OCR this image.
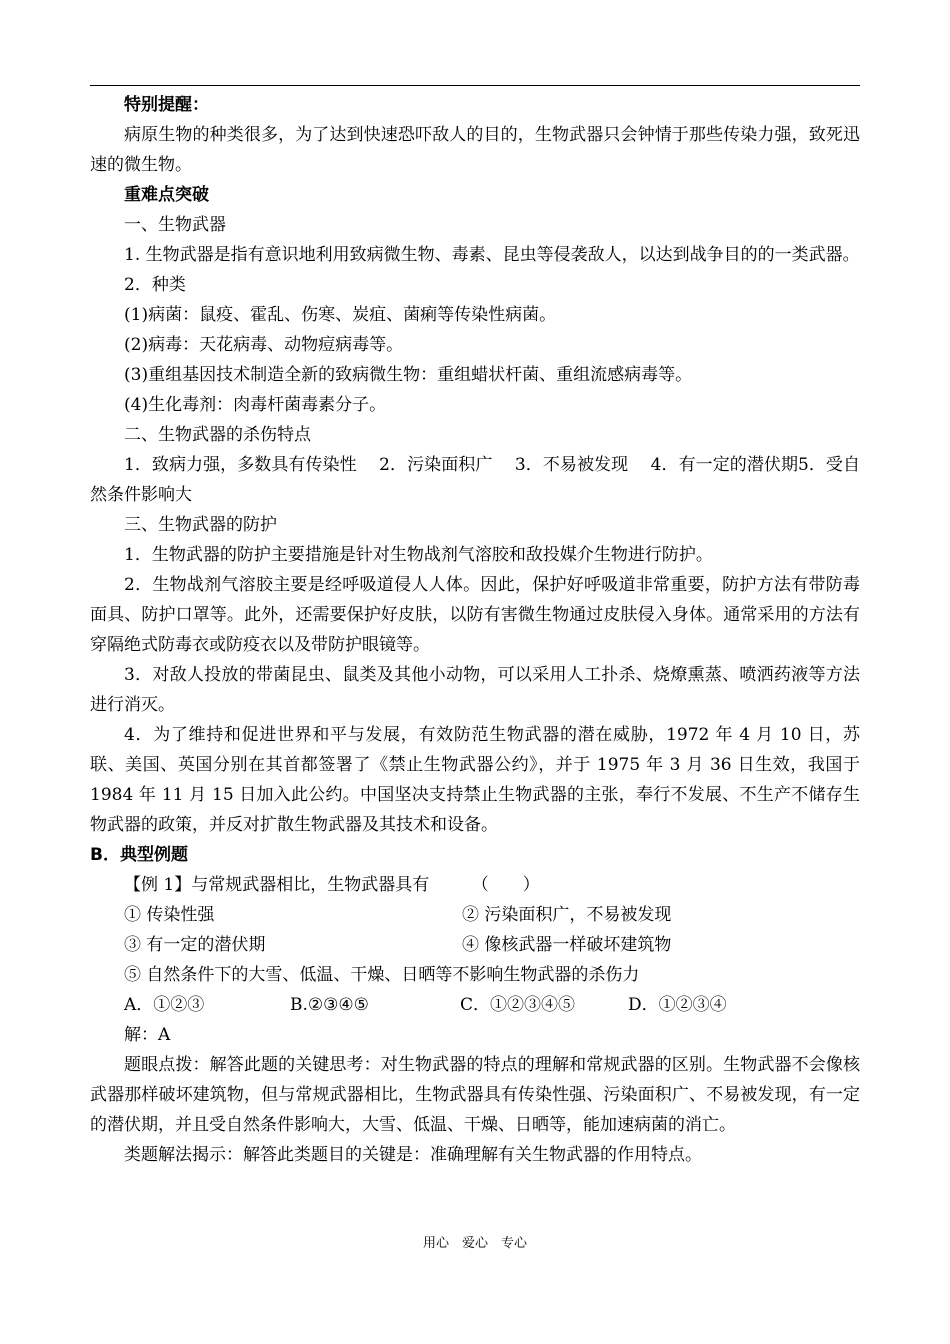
特别提醒：

病原生物的种类很多，为了达到快速恐吓敌人的目的，生物武器只会钟情于那些传染力强，致死迅速的微生物。

重难点突破

一、生物武器

1. 生物武器是指有意识地利用致病微生物、毒素、昆虫等侵袭敌人，以达到战争目的的一类武器。

2．种类

(1)病菌：鼠疫、霍乱、伤寒、炭疽、菌痢等传染性病菌。

(2)病毒：天花病毒、动物痘病毒等。

(3)重组基因技术制造全新的致病微生物：重组蜡状杆菌、重组流感病毒等。

(4)生化毒剂：肉毒杆菌毒素分子。

二、生物武器的杀伤特点

1．致病力强，多数具有传染性　 2．污染面积广　 3．不易被发现　 4．有一定的潜伏期5．受自然条件影响大

三、生物武器的防护

1．生物武器的防护主要措施是针对生物战剂气溶胶和敌投媒介生物进行防护。

2．生物战剂气溶胶主要是经呼吸道侵人人体。因此，保护好呼吸道非常重要，防护方法有带防毒面具、防护口罩等。此外，还需要保护好皮肤，以防有害微生物通过皮肤侵入身体。通常采用的方法有穿隔绝式防毒衣或防疫衣以及带防护眼镜等。

3．对敌人投放的带菌昆虫、鼠类及其他小动物，可以采用人工扑杀、烧燎熏蒸、喷洒药液等方法进行消灭。

4．为了维持和促进世界和平与发展，有效防范生物武器的潜在威胁，1972 年 4 月 10 日，苏联、美国、英国分别在其首都签署了《禁止生物武器公约》，并于 1975 年 3 月 36 日生效，我国于 1984 年 11 月 15 日加入此公约。中国坚决支持禁止生物武器的主张，奉行不发展、不生产不储存生物武器的政策，并反对扩散生物武器及其技术和设备。

B．典型例题

【例 1】与常规武器相比，生物武器具有　　　（　　）

① 传染性强	② 污染面积广，不易被发现
③ 有一定的潜伏期	④ 像核武器一样破坏建筑物

⑤ 自然条件下的大雪、低温、干燥、日晒等不影响生物武器的杀伤力

A．①②③	B.②③④⑤	C．①②③④⑤	D．①②③④

解：A

题眼点拨：解答此题的关键思考：对生物武器的特点的理解和常规武器的区别。生物武器不会像核武器那样破坏建筑物，但与常规武器相比，生物武器具有传染性强、污染面积广、不易被发现，有一定的潜伏期，并且受自然条件影响大，大雪、低温、干燥、日晒等，能加速病菌的消亡。

类题解法揭示：解答此类题目的关键是：准确理解有关生物武器的作用特点。

用心　爱心　专心
